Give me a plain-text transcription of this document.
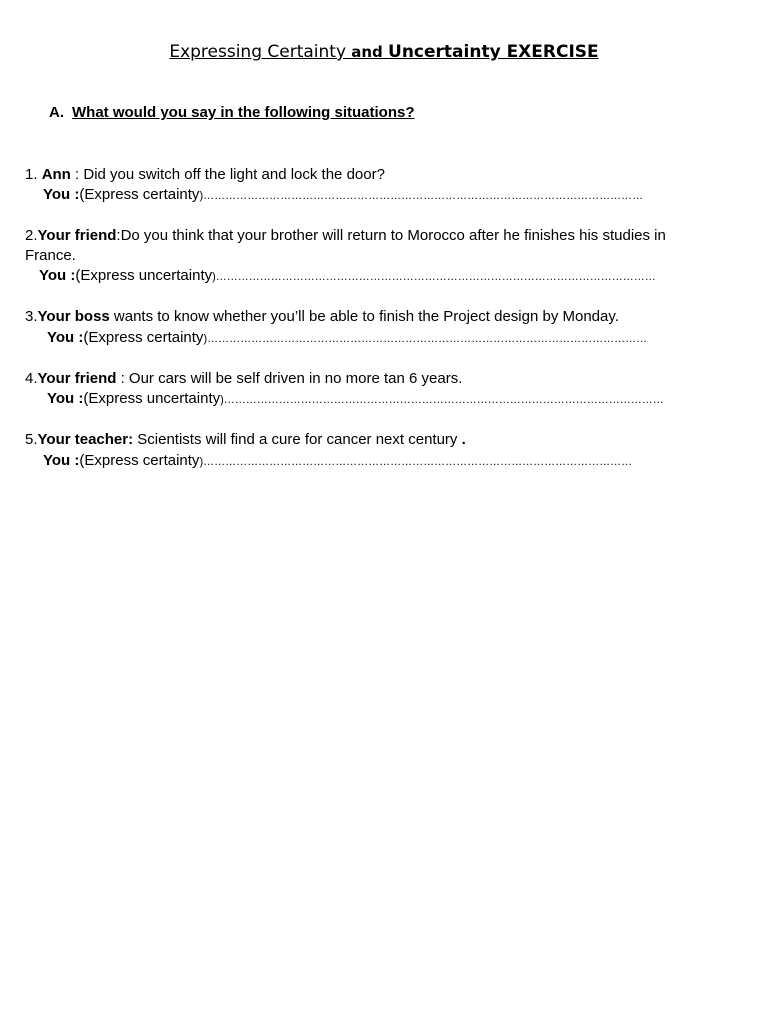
Expressing Certainty and Uncertainty EXERCISE
A. What would you say in the following situations?
1. Ann : Did you switch off the light and lock the door?
You :(Express certainty)…………………………………………………………………………………………………………
2.Your friend:Do you think that your brother will return to Morocco after he finishes his studies in
France.
You :(Express uncertainty)…………………………………………………………………………………………………………
3.Your boss wants to know whether you’ll be able to finish the Project design by Monday.
You :(Express certainty)…………………………………………………………………………………………………………
4.Your friend : Our cars will be self driven in no more tan 6 years.
You :(Express uncertainty)…………………………………………………………………………………………………………
5.Your teacher: Scientists will find a cure for cancer next century .
You :(Express certainty)………………………………………………………………………………………………………
